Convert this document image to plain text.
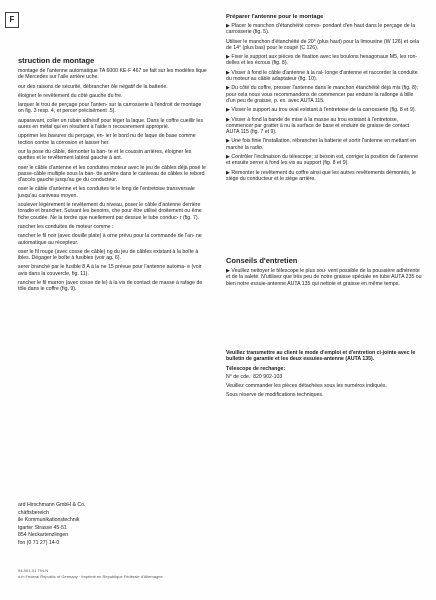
F
struction de montage

montage de l'antenne automatique TA 6000 KE-F 467 se fait sur les modèles lique de Mercedes sur l'aile arrière uche.

our des raisons de sécurité, débrancher ôle négatif de la batterie.

éloigner le revêtement du côté gauche du fre.

larquer le trou de perçage pour l'anten- sur la carrosserie à l'endroit de montage on fig. 3 resp. 4, et percer précisément .5).

auparavant, coller un ruban adhésif pour téger la laque. Dans le coffre cueillir les aures en métal qui en résultent à l'aide n recouvrement approprié.

upprimer les bavures du perçage, en- ier le bord nu de laque de base comme tection contre la corrosion et laisser her.

our la pose du câble, démonter la ban- te et le coussin arrières, éloigner les quettes et le revêtement latéral gauche à ant.

oser le câble d'antenne et les conduites moteur avec le jeu de câbles déjà posé le passe-câble multiple sous la ban- tte arrière dans le caniveau de câbles le rebord d'accès gauche jusqu'au ge du conducteur.

oser le câble d'antenne et les conduites te le long de l'entretoise transversale jusqu'au caniveau moyen.

soulever légèrement le revêtement du niveau, poser le câble d'antenne derrière toradio et brancher. Suivant les besoins, che pour être utilisé droitement ou ême fiche coudée. Ne la tordre que nuellement par dessue le tube conduc- r (fig. 7).

rancher les conduites de moteur comme :

rancher le fil noir (avec douille plate) à orne prévu pour la commande de l'an- ne automatique au récepteur.

oser le fil rouge (avec cosse de câble) ng du jeu de câbles existant à la boîte à ibles. Dégager le boîte à fusibles (voir ag. 6).

serer branché par le fusible 8 A à la ne 15 prévue pour l'antenne automa- e (voir avis dans la couvercle, fig. 11).

rancher le fil marron (avec cosse de le) à la vis de contact de masse à rafage de tôle dans le coffre (fig. 9).

Préparer l'antenne pour le montage

▶ Placer le manchon d'étanchéité corres- pondant d'en haut dans le perçage de la carrosserie (fig. 5).

Utiliser le manchon d'étanchéité de 20° (plus haut) pour la limousine (W 126) et cela de 14° (plus bas) pour le coupé (C 126).

▶ Fixer le support aux pièces de fixation avec les boulons hexagonaux M5, les ron- delles et les écrous (fig. 8).

▶ Visser à fond le câble d'antenne à la ral- longe d'antenne et raccorder la conduite du moteur au câble adaptateur (fig. 10).

▶ Du côté du coffre, presser l'antenne dans le manchon étanchéité déjà mis (fig. 8); pour cela nous vous recommandons de commencer par enduire la rallonge à bille d'un peu de graisse, p. ex. avec AUTA 115.

▶ Visser le support au trou oval existant à l'entretoise de la carrosserie (fig. 8 et 9).

▶ Visser à fond la bande de mise à la masse au trou existant à l'entretoise, commencer par gratter à nu la surface de base et enduire de graisse de contact AUTA 115 (fig. 7 et 9).

▶ Une fois finie l'installation, rébrancher la batterie et sortir l'antenne en mettant en marche la radio.

▶ Contrôler l'inclinaison du télescope; si besoin est, corriger la position de l'antenne et ensuite serrer à fond les vis au support (fig. 8 et 9).

▶ Remonter le revêtement du coffre ainsi que les autres revêtements démontés, le siège du conducteur et le siège arrière.

Conseils d'entretien

▶ Veuillez nettoyer le télescope le plus sou- vent possible de la poussière adhérente et de la saleté. N'utilisez que très peu de notre graisse spéciale en tube AUTA 235 ou bien notre essuie-antenne AUTA 135 qui nettoie et graisse en même temps.

Veuillez transmettre au client le mode d'emploi et d'entretion ci-jointe avec le bulletin de garantie et les deux essuies-antenne (AUTA 135).

Télescope de rechange:

N° de cde.: 820 902-103

Veuillez commander les pièces détachées sous les numéros indiqués.

Sous réserve de modifications techniques.

ard Hirschmann GmbH & Co.
chäftsbereich
ile Kommunikationstechnik
tgarter Strasse 45-51
854 Neckartenzlingen
fon (0 71 27) 14-0
94-901-01 794-N
d in Federal Republic of Germany · Imprimé en République Fédérale d'Allemagne
